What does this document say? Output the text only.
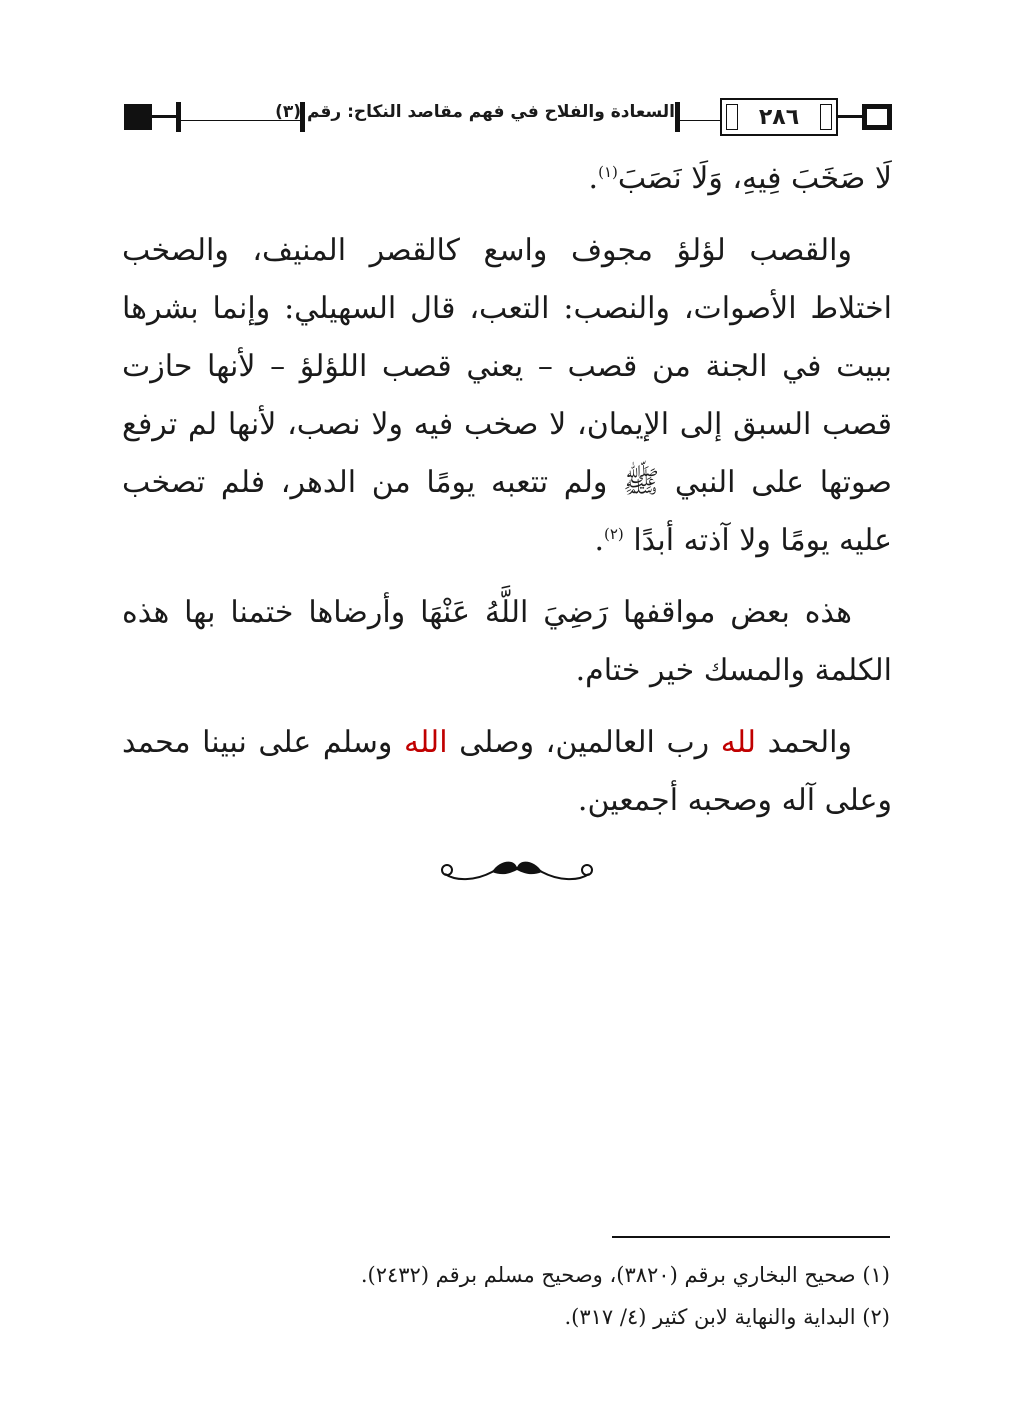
السعادة والفلاح في فهم مقاصد النكاح: رقم (٣)	٢٨٦

لَا صَخَبَ فِيهِ، وَلَا نَصَبَ$^{(١)}$.

والقصب لؤلؤ مجوف واسع كالقصر المنيف، والصخب اختلاط الأصوات، والنصب: التعب، قال السهيلي: وإنما بشرها ببيت في الجنة من قصب – يعني قصب اللؤلؤ – لأنها حازت قصب السبق إلى الإيمان، لا صخب فيه ولا نصب، لأنها لم ترفع صوتها على النبي ﷺ ولم تتعبه يومًا من الدهر، فلم تصخب عليه يومًا ولا آذته أبدًا $^{(٢)}$.

هذه بعض مواقفها رَضِيَ اللَّهُ عَنْهَا وأرضاها ختمنا بها هذه الكلمة والمسك خير ختام.

والحمد لله رب العالمين، وصلى الله وسلم على نبينا محمد وعلى آله وصحبه أجمعين.

(١) صحيح البخاري برقم (٣٨٢٠)، وصحيح مسلم برقم (٢٤٣٢).
(٢) البداية والنهاية لابن كثير (٤/ ٣١٧).
